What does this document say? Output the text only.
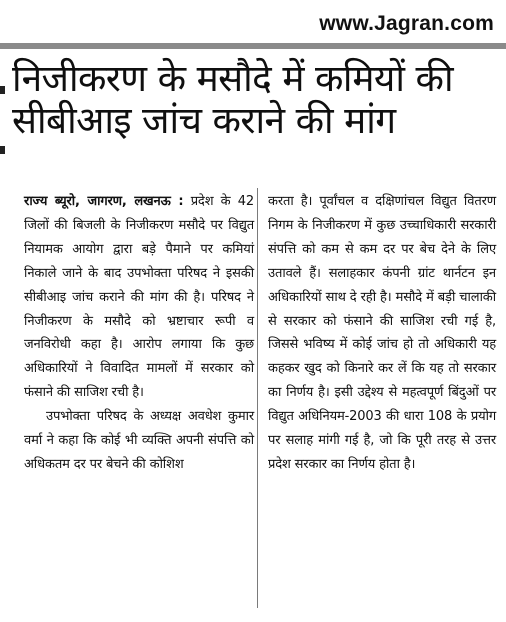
www.Jagran.com
निजीकरण के मसौदे में कमियों की
सीबीआइ जांच कराने की मांग

राज्य ब्यूरो, जागरण, लखनऊ : प्रदेश के 42 जिलों की बिजली के निजीकरण मसौदे पर विद्युत नियामक आयोग द्वारा बड़े पैमाने पर कमियां निकाले जाने के बाद उपभोक्ता परिषद ने इसकी सीबीआइ जांच कराने की मांग की है। परिषद ने निजीकरण के मसौदे को भ्रष्टाचार रूपी व जनविरोधी कहा है। आरोप लगाया कि कुछ अधिकारियों ने विवादित मामलों में सरकार को फंसाने की साजिश रची है।

उपभोक्ता परिषद के अध्यक्ष अवधेश कुमार वर्मा ने कहा कि कोई भी व्यक्ति अपनी संपत्ति को अधिकतम दर पर बेचने की कोशिश

करता है। पूर्वांचल व दक्षिणांचल विद्युत वितरण निगम के निजीकरण में कुछ उच्चाधिकारी सरकारी संपत्ति को कम से कम दर पर बेच देने के लिए उतावले हैं। सलाहकार कंपनी ग्रांट थार्नटन इन अधिकारियों साथ दे रही है। मसौदे में बड़ी चालाकी से सरकार को फंसाने की साजिश रची गई है, जिससे भविष्य में कोई जांच हो तो अधिकारी यह कहकर खुद को किनारे कर लें कि यह तो सरकार का निर्णय है। इसी उद्देश्य से महत्वपूर्ण बिंदुओं पर विद्युत अधिनियम-2003 की धारा 108 के प्रयोग पर सलाह मांगी गई है, जो कि पूरी तरह से उत्तर प्रदेश सरकार का निर्णय होता है।
